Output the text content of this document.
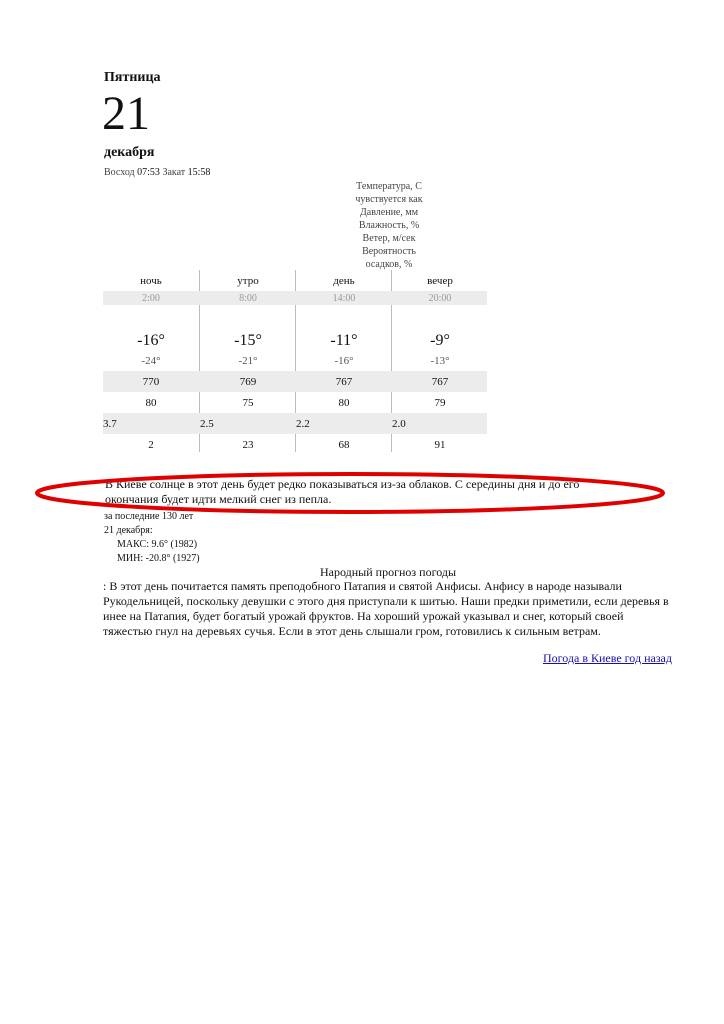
Пятница
21
декабря
Восход 07:53 Закат 15:58
Температура, С
чувствуется как
Давление, мм
Влажность, %
Ветер, м/сек
Вероятность
осадков, %
ночь	утро	день	вечер
2:00	8:00	14:00	20:00
-16°	-15°	-11°	-9°
-24°	-21°	-16°	-13°
770	769	767	767
80	75	80	79
3.7	2.5	2.2	2.0
2	23	68	91
В Киеве солнце в этот день будет редко показываться из-за облаков. С середины дня и до его окончания будет идти мелкий снег из пепла.
за последние 130 лет
21 декабря:
МАКС: 9.6° (1982)
МИН: -20.8° (1927)
Народный прогноз погоды
: В этот день почитается память преподобного Патапия и святой Анфисы. Анфису в народе называли Рукодельницей, поскольку девушки с этого дня приступали к шитью. Наши предки приметили, если деревья в инее на Патапия, будет богатый урожай фруктов. На хороший урожай указывал и снег, который своей тяжестью гнул на деревьях сучья. Если в этот день слышали гром, готовились к сильным ветрам.
Погода в Киеве год назад
